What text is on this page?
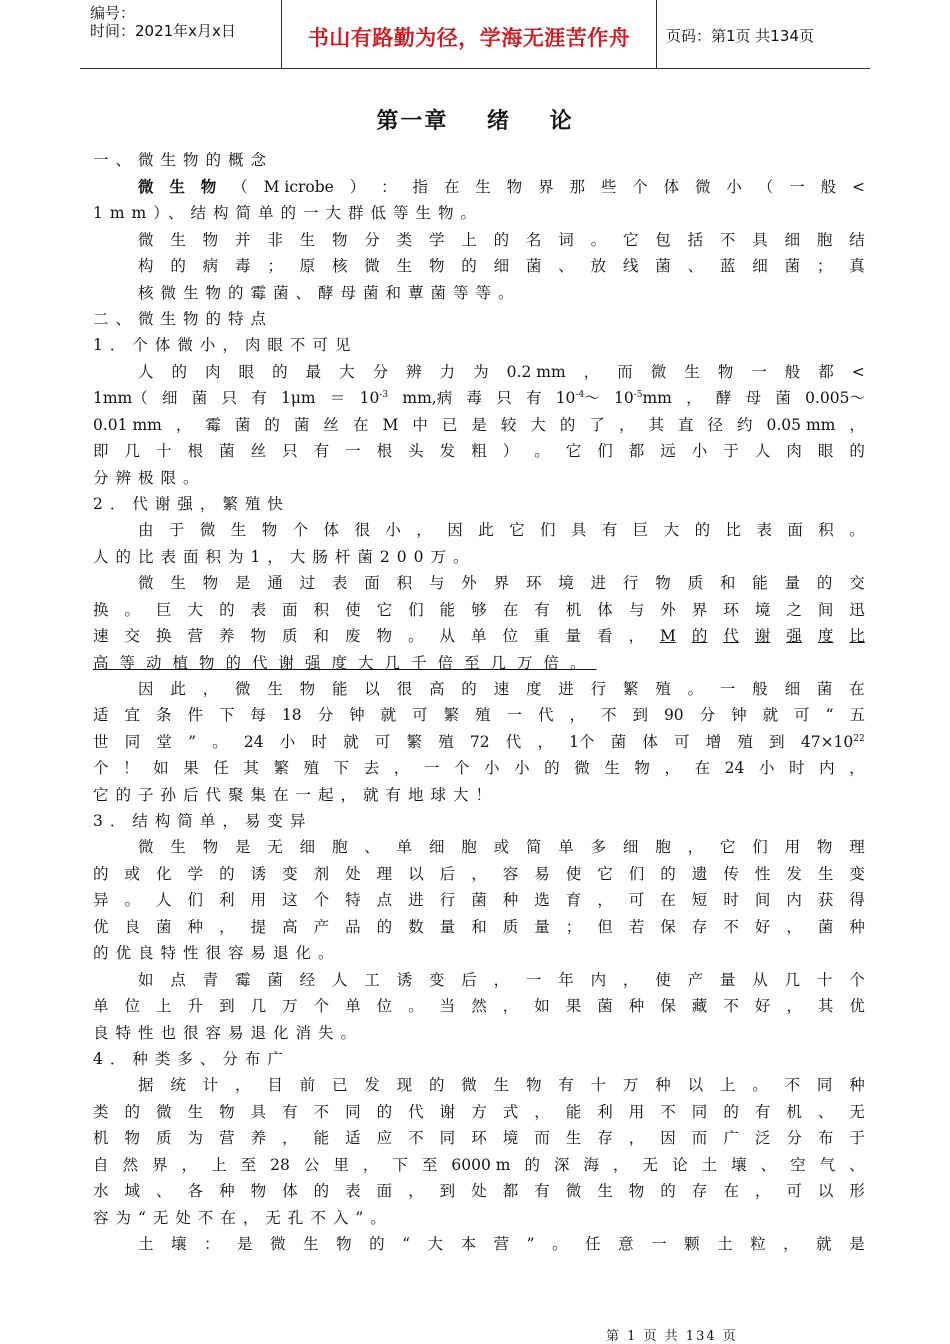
编号：
时间：2021年x月x日	书山有路勤为径，学海无涯苦作舟	页码：第1页 共134页
第一章    绪    论
一、微生物的概念
微 生 物 （ M icrobe ） ： 指 在 生 物 界 那 些 个 体 微 小 （ 一 般 <
1mm）、结构简单的一大群低等生物。
微 生 物 并 非 生 物 分 类 学 上 的 名 词 。 它 包 括 不 具 细 胞 结
构 的 病 毒 ； 原 核 微 生 物 的 细 菌 、 放 线 菌 、 蓝 细 菌 ； 真
核微生物的霉菌、酵母菌和蕈菌等等。
二、微生物的特点
1．个体微小，肉眼不可见
人 的 肉 眼 的 最 大 分 辨 力 为 0.2 mm ， 而 微 生 物 一 般 都 <
1mm（ 细 菌 只 有 $1\mu m = 10^{-3}$ mm,病 毒 只 有 $10^{-4}\sim$ $10^{-5}mm$ ， 酵 母 菌 0.005～
0.01 mm ， 霉 菌 的 菌 丝 在 M 中 已 是 较 大 的 了 ， 其 直 径 约 0.05 mm ，
即 几 十 根 菌 丝 只 有 一 根 头 发 粗 ） 。 它 们 都 远 小 于 人 肉 眼 的
分辨极限。
2．代谢强，繁殖快
由 于 微 生 物 个 体 很 小 ， 因 此 它 们 具 有 巨 大 的 比 表 面 积 。
人的比表面积为1，大肠杆菌200万。
微 生 物 是 通 过 表 面 积 与 外 界 环 境 进 行 物 质 和 能 量 的 交
换 。 巨 大 的 表 面 积 使 它 们 能 够 在 有 机 体 与 外 界 环 境 之 间 迅
速 交 换 营 养 物 质 和 废 物 。 从 单 位 重 量 看 ， M 的 代 谢 强 度 比
高等动植物的代谢强度大几千倍至几万倍。
因 此 ， 微 生 物 能 以 很 高 的 速 度 进 行 繁 殖 。 一 般 细 菌 在
适 宜 条 件 下 每 18 分 钟 就 可 繁 殖 一 代 ， 不 到 90 分 钟 就 可 “ 五
世 同 堂 ” 。 24 小 时 就 可 繁 殖 72 代 ， 1个 菌 体 可 增 殖 到 $47\times 10^{22}$
个 ！ 如 果 任 其 繁 殖 下 去 ， 一 个 小 小 的 微 生 物 ， 在 24 小 时 内 ，
它的子孙后代聚集在一起，就有地球大！
3．结构简单，易变异
微 生 物 是 无 细 胞 、 单 细 胞 或 简 单 多 细 胞 ， 它 们 用 物 理
的 或 化 学 的 诱 变 剂 处 理 以 后 ， 容 易 使 它 们 的 遗 传 性 发 生 变
异 。 人 们 利 用 这 个 特 点 进 行 菌 种 选 育 ， 可 在 短 时 间 内 获 得
优 良 菌 种 ， 提 高 产 品 的 数 量 和 质 量 ； 但 若 保 存 不 好 ， 菌 种
的优良特性很容易退化。
如 点 青 霉 菌 经 人 工 诱 变 后 ， 一 年 内 ， 使 产 量 从 几 十 个
单 位 上 升 到 几 万 个 单 位 。 当 然 ， 如 果 菌 种 保 藏 不 好 ， 其 优
良特性也很容易退化消失。
4．种类多、分布广
据 统 计 ， 目 前 已 发 现 的 微 生 物 有 十 万 种 以 上 。 不 同 种
类 的 微 生 物 具 有 不 同 的 代 谢 方 式 ， 能 利 用 不 同 的 有 机 、 无
机 物 质 为 营 养 ， 能 适 应 不 同 环 境 而 生 存 ， 因 而 广 泛 分 布 于
自 然 界 ， 上 至 28 公 里 ， 下 至 6000 m 的 深 海 ， 无 论 土 壤 、 空 气 、
水 域 、 各 种 物 体 的 表 面 ， 到 处 都 有 微 生 物 的 存 在 ， 可 以 形
容为“无处不在，无孔不入”。
土 壤 ： 是 微 生 物 的 “ 大 本 营 ” 。 任 意 一 颗 土 粒 ， 就 是
第 1 页 共 134 页
